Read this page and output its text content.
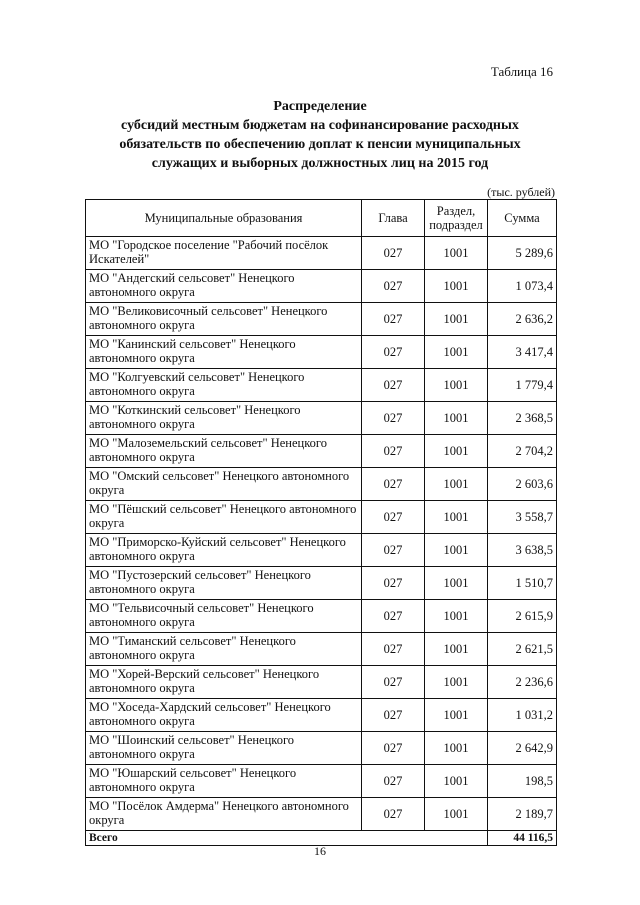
Таблица 16
Распределение
субсидий местным бюджетам на софинансирование расходных
обязательств по обеспечению доплат к пенсии муниципальных
служащих и выборных должностных лиц на 2015 год
(тыс. рублей)
Муниципальные образования	Глава	Раздел, подраздел	Сумма
МО "Городское поселение "Рабочий посёлок Искателей"	027	1001	5 289,6
МО "Андегский сельсовет" Ненецкого автономного округа	027	1001	1 073,4
МО "Великовисочный сельсовет" Ненецкого автономного округа	027	1001	2 636,2
МО "Канинский сельсовет" Ненецкого автономного округа	027	1001	3 417,4
МО "Колгуевский сельсовет" Ненецкого автономного округа	027	1001	1 779,4
МО "Коткинский сельсовет" Ненецкого автономного округа	027	1001	2 368,5
МО "Малоземельский сельсовет" Ненецкого автономного округа	027	1001	2 704,2
МО "Омский сельсовет" Ненецкого автономного округа	027	1001	2 603,6
МО "Пёшский сельсовет" Ненецкого автономного округа	027	1001	3 558,7
МО "Приморско-Куйский сельсовет" Ненецкого автономного округа	027	1001	3 638,5
МО "Пустозерский сельсовет" Ненецкого автономного округа	027	1001	1 510,7
МО "Тельвисочный сельсовет" Ненецкого автономного округа	027	1001	2 615,9
МО "Тиманский сельсовет" Ненецкого автономного округа	027	1001	2 621,5
МО "Хорей-Верский сельсовет" Ненецкого автономного округа	027	1001	2 236,6
МО "Хоседа-Хардский сельсовет" Ненецкого автономного округа	027	1001	1 031,2
МО "Шоинский сельсовет" Ненецкого автономного округа	027	1001	2 642,9
МО "Юшарский сельсовет" Ненецкого автономного округа	027	1001	198,5
МО "Посёлок Амдерма" Ненецкого автономного округа	027	1001	2 189,7
Всего			44 116,5
16
